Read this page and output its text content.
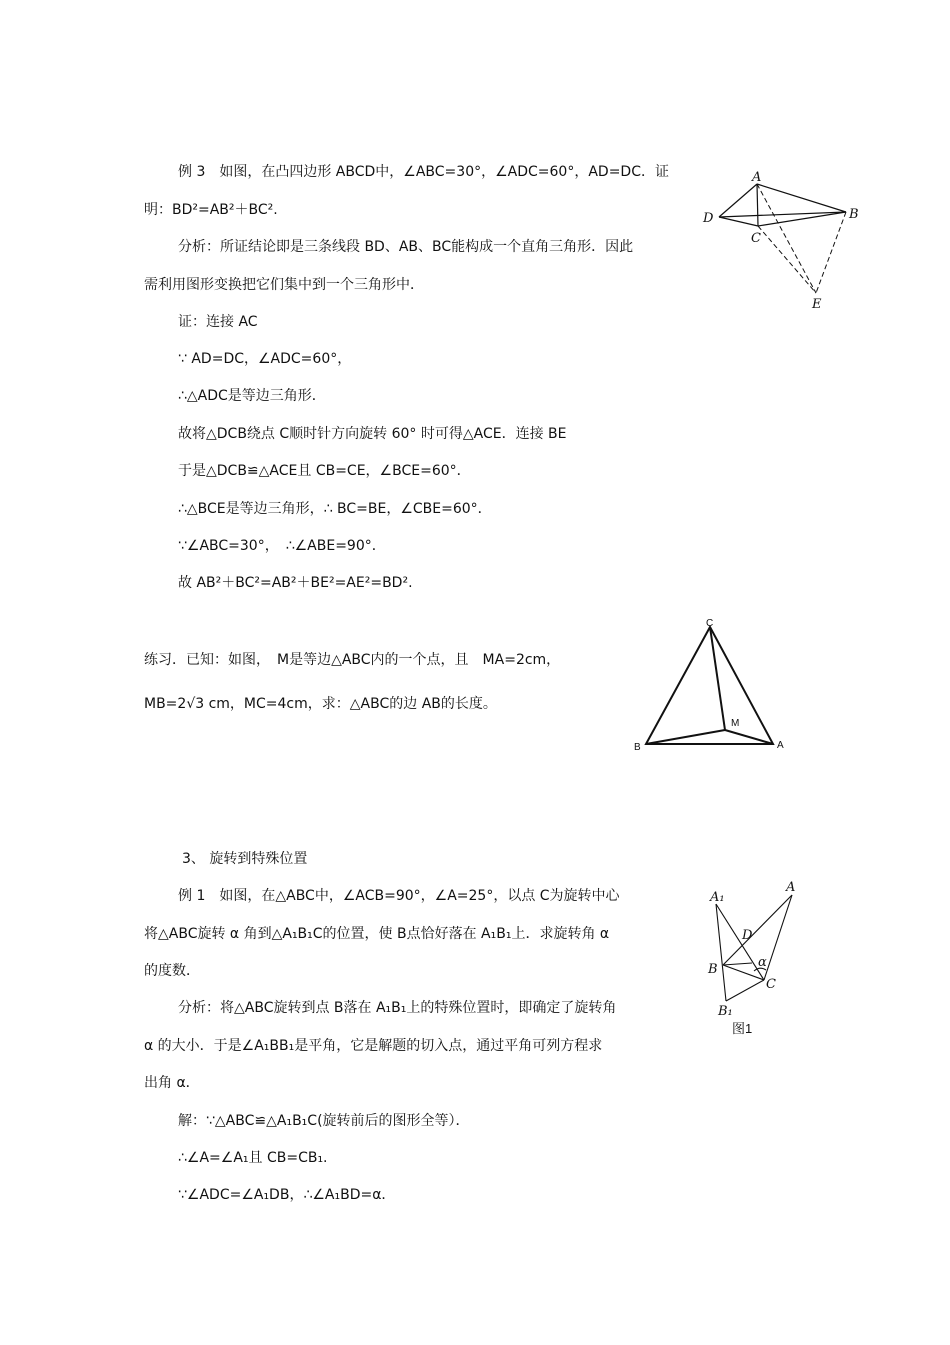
例 3　如图，在凸四边形 ABCD中，∠ABC=30°，∠ADC=60°，AD=DC．证
明：BD²=AB²＋BC².
分析：所证结论即是三条线段 BD、AB、BC能构成一个直角三角形．因此
需利用图形变换把它们集中到一个三角形中．
证：连接 AC
∵ AD=DC，∠ADC=60°，
∴△ADC是等边三角形．
故将△DCB绕点 C顺时针方向旋转 60° 时可得△ACE．连接 BE
于是△DCB≌△ACE且 CB=CE，∠BCE=60°．
∴△BCE是等边三角形，∴ BC=BE，∠CBE=60°．
∵∠ABC=30°，　∴∠ABE=90°．
故 AB²＋BC²=AB²＋BE²=AE²=BD².
A
B
C
D
E
练习．已知：如图，　M是等边△ABC内的一个点，且　MA=2cm，
MB=2√3 cm，MC=4cm，求：△ABC的边 AB的长度。
C
M
B	A
3、 旋转到特殊位置
例 1　如图，在△ABC中，∠ACB=90°，∠A=25°，以点 C为旋转中心
将△ABC旋转 α 角到△A₁B₁C的位置，使 B点恰好落在 A₁B₁上．求旋转角 α
的度数．
分析：将△ABC旋转到点 B落在 A₁B₁上的特殊位置时，即确定了旋转角
α 的大小．于是∠A₁BB₁是平角，它是解题的切入点，通过平角可列方程求
出角 α．
解：∵△ABC≌△A₁B₁C(旋转前后的图形全等）．
∴∠A=∠A₁且 CB=CB₁.
∵∠ADC=∠A₁DB，∴∠A₁BD=α．
A₁
A
D
α
B
C
B₁
图1
